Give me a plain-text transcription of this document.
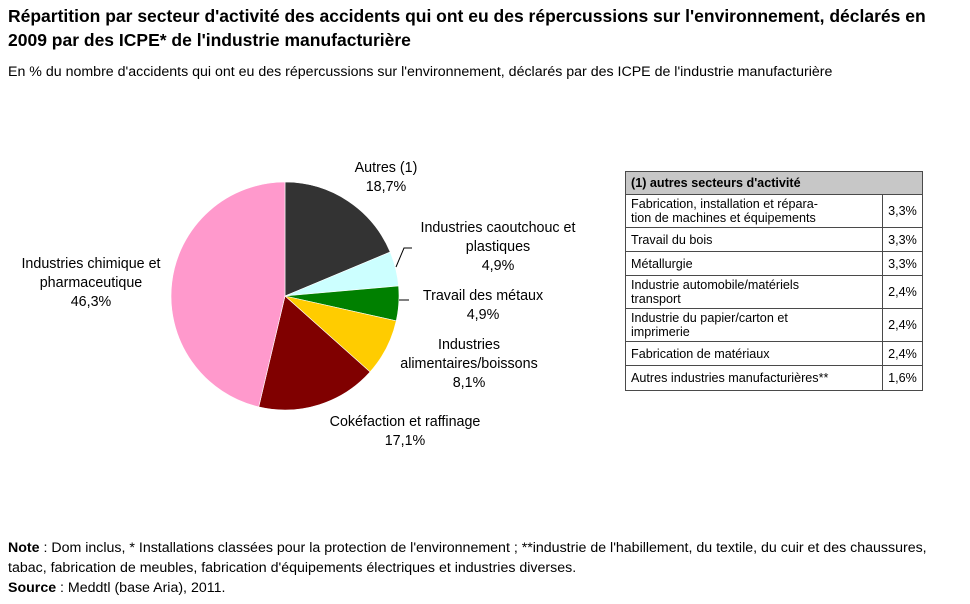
Répartition par secteur d'activité des accidents qui ont eu des répercussions sur l'environnement, déclarés en 2009 par des ICPE* de l'industrie manufacturière
En % du nombre d'accidents qui ont eu des répercussions sur l'environnement, déclarés par des ICPE de l'industrie manufacturière
Autres (1)
18,7%
Industries caoutchouc et
plastiques
4,9%
Travail des métaux
4,9%
Industries
alimentaires/boissons
8,1%
Cokéfaction et raffinage
17,1%
Industries chimique et
pharmaceutique
46,3%
(1) autres secteurs d'activité	
Fabrication, installation et répara-
tion de machines et équipements	3,3%
Travail du bois	3,3%
Métallurgie	3,3%
Industrie automobile/matériels
transport	2,4%
Industrie du papier/carton et
imprimerie	2,4%
Fabrication de matériaux	2,4%
Autres industries manufacturières**	1,6%
Note : Dom inclus, * Installations classées pour la protection de l'environnement ; **industrie de l'habillement, du textile, du cuir et des chaussures, tabac, fabrication de meubles, fabrication d'équipements électriques et industries diverses.
Source : Meddtl (base Aria), 2011.
